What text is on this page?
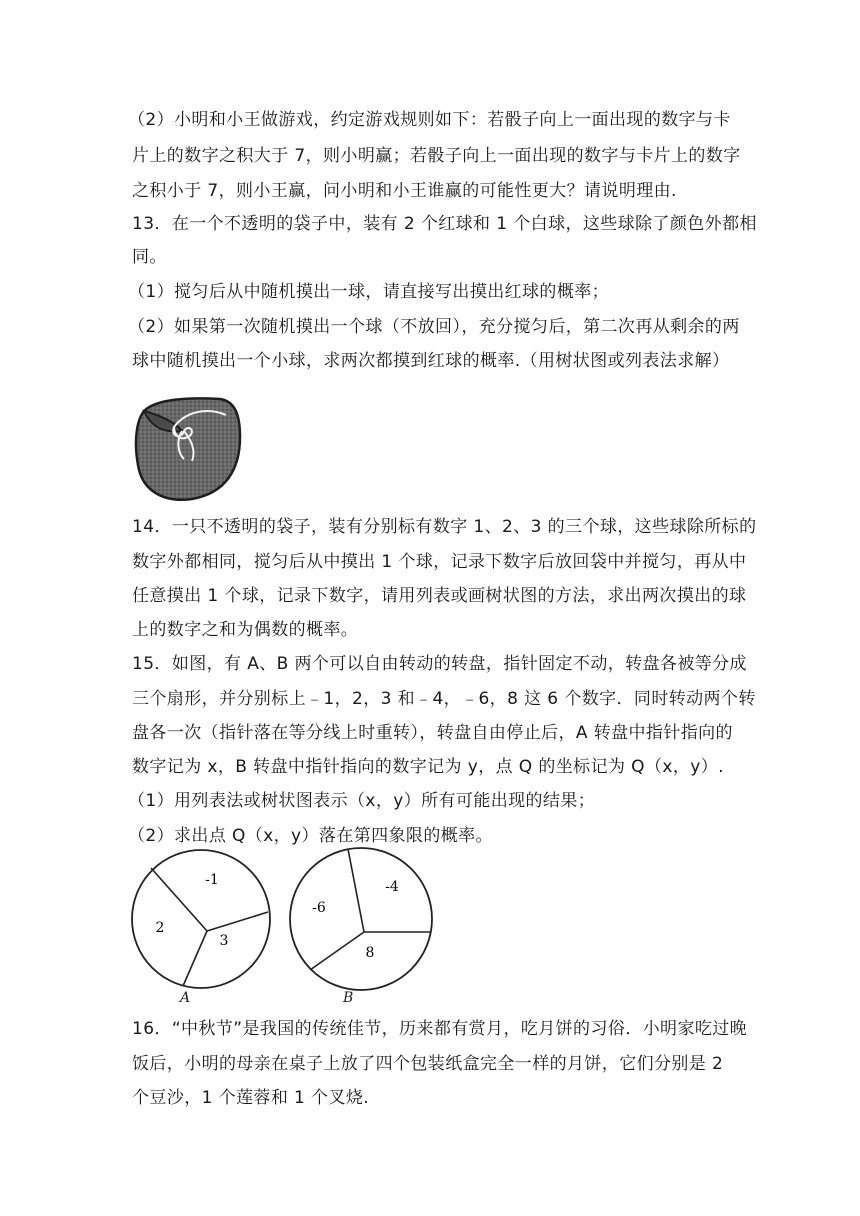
（2）小明和小王做游戏，约定游戏规则如下：若骰子向上一面出现的数字与卡
片上的数字之积大于 7，则小明赢；若骰子向上一面出现的数字与卡片上的数字
之积小于 7，则小王赢，问小明和小王谁赢的可能性更大？请说明理由.
13．在一个不透明的袋子中，装有 2 个红球和 1 个白球，这些球除了颜色外都相
同。
（1）搅匀后从中随机摸出一球，请直接写出摸出红球的概率；
（2）如果第一次随机摸出一个球（不放回），充分搅匀后，第二次再从剩余的两
球中随机摸出一个小球，求两次都摸到红球的概率.（用树状图或列表法求解）
14．一只不透明的袋子，装有分别标有数字 1、2、3 的三个球，这些球除所标的
数字外都相同，搅匀后从中摸出 1 个球，记录下数字后放回袋中并搅匀，再从中
任意摸出 1 个球，记录下数字，请用列表或画树状图的方法，求出两次摸出的球
上的数字之和为偶数的概率。
15．如图，有 A、B 两个可以自由转动的转盘，指针固定不动，转盘各被等分成
三个扇形，并分别标上﹣1，2，3 和﹣4，﹣6，8 这 6 个数字．同时转动两个转
盘各一次（指针落在等分线上时重转），转盘自由停止后，A 转盘中指针指向的
数字记为 x，B 转盘中指针指向的数字记为 y，点 Q 的坐标记为 Q（x，y）.
（1）用列表法或树状图表示（x，y）所有可能出现的结果；
（2）求出点 Q（x，y）落在第四象限的概率。
-1
2
3
A
-4
-6
8
B
16．“中秋节”是我国的传统佳节，历来都有赏月，吃月饼的习俗．小明家吃过晚
饭后，小明的母亲在桌子上放了四个包装纸盒完全一样的月饼，它们分别是 2
个豆沙，1 个莲蓉和 1 个叉烧.
